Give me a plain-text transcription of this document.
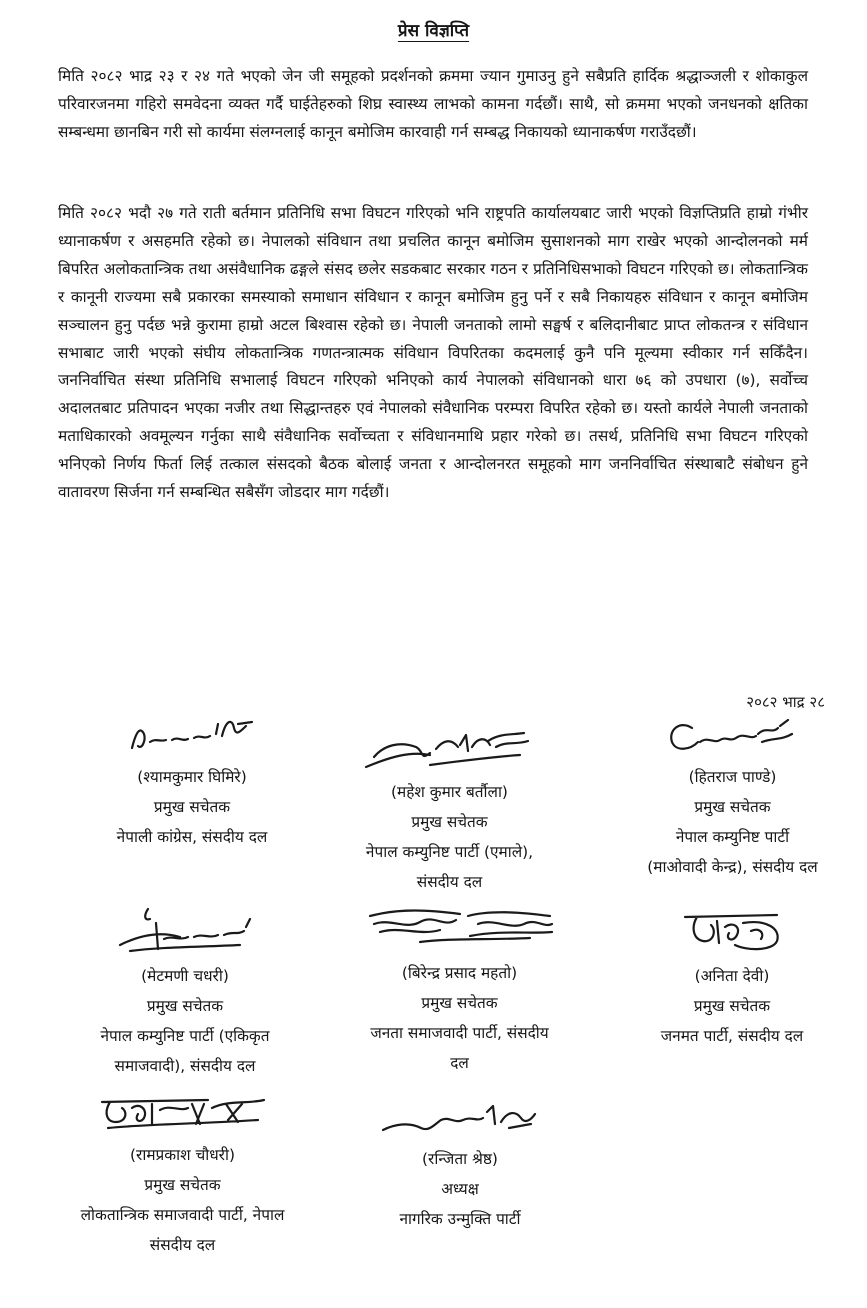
प्रेस विज्ञप्ति

मिति २०८२ भाद्र २३ र २४ गते भएको जेन जी समूहको प्रदर्शनको क्रममा ज्यान गुमाउनु हुने सबैप्रति हार्दिक श्रद्धाञ्जली र शोकाकुल परिवारजनमा गहिरो समवेदना व्यक्त गर्दै घाईतेहरुको शिघ्र स्वास्थ्य लाभको कामना गर्दछौं। साथै, सो क्रममा भएको जनधनको क्षतिका सम्बन्धमा छानबिन गरी सो कार्यमा संलग्नलाई कानून बमोजिम कारवाही गर्न सम्बद्ध निकायको ध्यानाकर्षण गराउँदछौं।

मिति २०८२ भदौ २७ गते राती बर्तमान प्रतिनिधि सभा विघटन गरिएको भनि राष्ट्रपति कार्यालयबाट जारी भएको विज्ञप्तिप्रति हाम्रो गंभीर ध्यानाकर्षण र असहमति रहेको छ। नेपालको संविधान तथा प्रचलित कानून बमोजिम सुसाशनको माग राखेर भएको आन्दोलनको मर्म बिपरित अलोकतान्त्रिक तथा असंवैधानिक ढङ्गले संसद छलेर सडकबाट सरकार गठन र प्रतिनिधिसभाको विघटन गरिएको छ। लोकतान्त्रिक र कानूनी राज्यमा सबै प्रकारका समस्याको समाधान संविधान र कानून बमोजिम हुनु पर्ने र सबै निकायहरु संविधान र कानून बमोजिम सञ्चालन हुनु पर्दछ भन्ने कुरामा हाम्रो अटल बिश्वास रहेको छ। नेपाली जनताको लामो सङ्घर्ष र बलिदानीबाट प्राप्त लोकतन्त्र र संविधान सभाबाट जारी भएको संघीय लोकतान्त्रिक गणतन्त्रात्मक संविधान विपरितका कदमलाई कुनै पनि मूल्यमा स्वीकार गर्न सकिँदैन। जननिर्वाचित संस्था प्रतिनिधि सभालाई विघटन गरिएको भनिएको कार्य नेपालको संविधानको धारा ७६ को उपधारा (७), सर्वोच्च अदालतबाट प्रतिपादन भएका नजीर तथा सिद्धान्तहरु एवं नेपालको संवैधानिक परम्परा विपरित रहेको छ। यस्तो कार्यले नेपाली जनताको मताधिकारको अवमूल्यन गर्नुका साथै संवैधानिक सर्वोच्चता र संविधानमाथि प्रहार गरेको छ। तसर्थ, प्रतिनिधि सभा विघटन गरिएको भनिएको निर्णय फिर्ता लिई तत्काल संसदको बैठक बोलाई जनता र आन्दोलनरत समूहको माग जननिर्वाचित संस्थाबाटै संबोधन हुने वातावरण सिर्जना गर्न सम्बन्धित सबैसँग जोडदार माग गर्दछौं।

२०८२ भाद्र २८
(श्यामकुमार घिमिरे)
प्रमुख सचेतक
नेपाली कांग्रेस, संसदीय दल
(महेश कुमार बर्तौला)
प्रमुख सचेतक
नेपाल कम्युनिष्ट पार्टी (एमाले),
संसदीय दल
(हितराज पाण्डे)
प्रमुख सचेतक
नेपाल कम्युनिष्ट पार्टी
(माओवादी केन्द्र), संसदीय दल
(मेटमणी चधरी)
प्रमुख सचेतक
नेपाल कम्युनिष्ट पार्टी (एकिकृत
समाजवादी), संसदीय दल
(बिरेन्द्र प्रसाद महतो)
प्रमुख सचेतक
जनता समाजवादी पार्टी, संसदीय
दल
(अनिता देवी)
प्रमुख सचेतक
जनमत पार्टी, संसदीय दल
(रामप्रकाश चौधरी)
प्रमुख सचेतक
लोकतान्त्रिक समाजवादी पार्टी, नेपाल
संसदीय दल
(रन्जिता श्रेष्ठ)
अध्यक्ष
नागरिक उन्मुक्ति पार्टी
